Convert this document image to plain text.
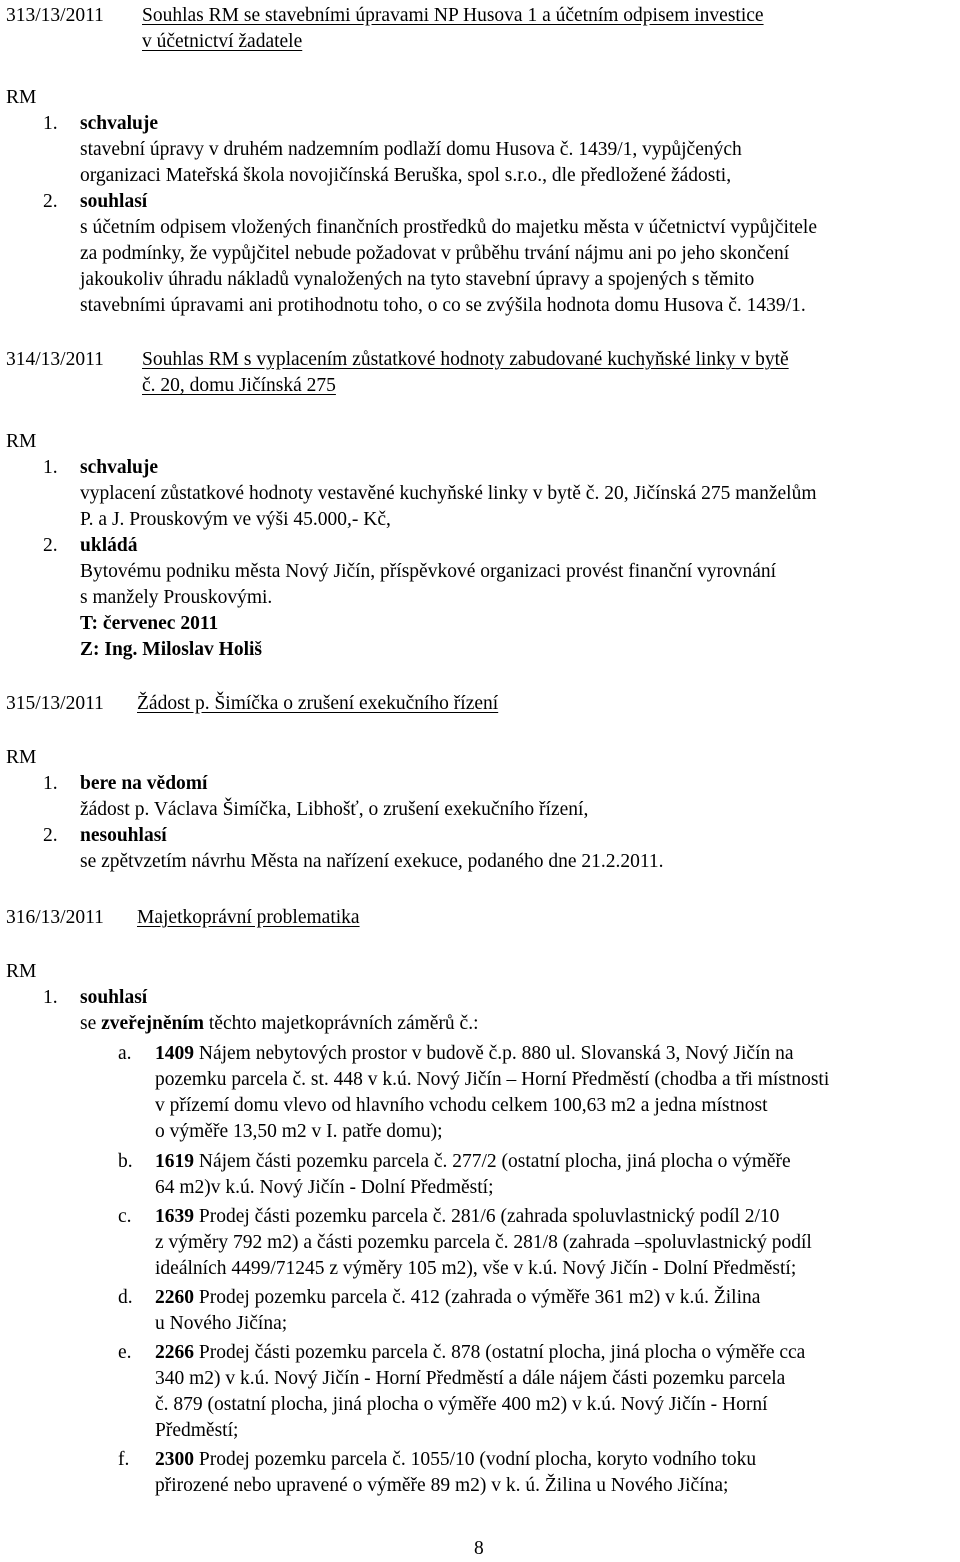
313/13/2011 Souhlas RM se stavebními úpravami NP Husova 1 a účetním odpisem investice
v účetnictví žadatele
RM
1. schvaluje
stavební úpravy v druhém nadzemním podlaží domu Husova č. 1439/1, vypůjčených
organizaci Mateřská škola novojičínská Beruška, spol s.r.o., dle předložené žádosti,
2. souhlasí
s účetním odpisem vložených finančních prostředků do majetku města v účetnictví vypůjčitele
za podmínky, že vypůjčitel nebude požadovat v průběhu trvání nájmu ani po jeho skončení
jakoukoliv úhradu nákladů vynaložených na tyto stavební úpravy a spojených s těmito
stavebními úpravami ani protihodnotu toho, o co se zvýšila hodnota domu Husova č. 1439/1.
314/13/2011 Souhlas RM s vyplacením zůstatkové hodnoty zabudované kuchyňské linky v bytě
č. 20, domu Jičínská 275
RM
1. schvaluje
vyplacení zůstatkové hodnoty vestavěné kuchyňské linky v bytě č. 20, Jičínská 275 manželům
P. a J. Prouskovým ve výši 45.000,- Kč,
2. ukládá
Bytovému podniku města Nový Jičín, příspěvkové organizaci provést finanční vyrovnání
s manžely Prouskovými.
T: červenec 2011
Z: Ing. Miloslav Holiš
315/13/2011 Žádost p. Šimíčka o zrušení exekučního řízení
RM
1. bere na vědomí
žádost p. Václava Šimíčka, Libhošť, o zrušení exekučního řízení,
2. nesouhlasí
se zpětvzetím návrhu Města na nařízení exekuce, podaného dne 21.2.2011.
316/13/2011 Majetkoprávní problematika
RM
1. souhlasí
se zveřejněním těchto majetkoprávních záměrů č.:
a. 1409 Nájem nebytových prostor v budově č.p. 880 ul. Slovanská 3, Nový Jičín na
pozemku parcela č. st. 448 v k.ú. Nový Jičín – Horní Předměstí (chodba a tři místnosti
v přízemí domu vlevo od hlavního vchodu celkem 100,63 m2 a jedna místnost
o výměře 13,50 m2 v I. patře domu);
b. 1619 Nájem části pozemku parcela č. 277/2 (ostatní plocha, jiná plocha o výměře
64 m2)v k.ú. Nový Jičín - Dolní Předměstí;
c. 1639 Prodej části pozemku parcela č. 281/6 (zahrada spoluvlastnický podíl 2/10
z výměry 792 m2) a části pozemku parcela č. 281/8 (zahrada –spoluvlastnický podíl
ideálních 4499/71245 z výměry 105 m2), vše v k.ú. Nový Jičín - Dolní Předměstí;
d. 2260 Prodej pozemku parcela č. 412 (zahrada o výměře 361 m2) v k.ú. Žilina
u Nového Jičína;
e. 2266 Prodej části pozemku parcela č. 878 (ostatní plocha, jiná plocha o výměře cca
340 m2) v k.ú. Nový Jičín - Horní Předměstí a dále nájem části pozemku parcela
č. 879 (ostatní plocha, jiná plocha o výměře 400 m2) v k.ú. Nový Jičín - Horní
Předměstí;
f. 2300 Prodej pozemku parcela č. 1055/10 (vodní plocha, koryto vodního toku
přirozené nebo upravené o výměře 89 m2) v k. ú. Žilina u Nového Jičína;
8
